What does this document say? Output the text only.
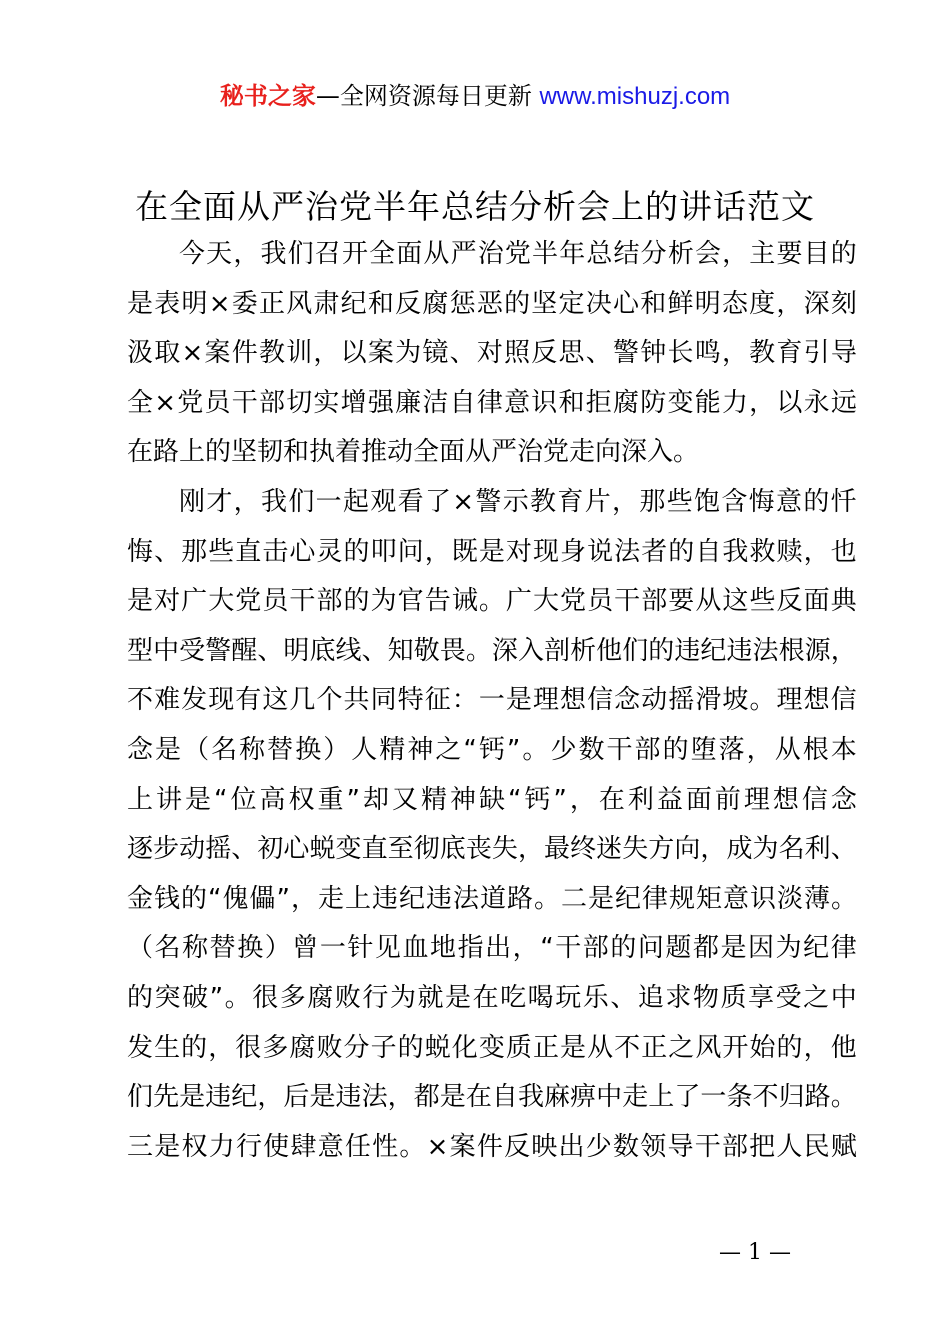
秘书之家—全网资源每日更新 www.mishuzj.com
在全面从严治党半年总结分析会上的讲话范文
今 天 ， 我 们 召 开 全 面 从 严 治 党 半 年 总 结 分 析 会 ， 主 要 目 的
是 表 明 × 委 正 风 肃 纪 和 反 腐 惩 恶 的 坚 定 决 心 和 鲜 明 态 度 ， 深 刻
汲 取 × 案 件 教 训 ， 以 案 为 镜 、 对 照 反 思 、 警 钟 长 鸣 ， 教 育 引 导
全 × 党 员 干 部 切 实 增 强 廉 洁 自 律 意 识 和 拒 腐 防 变 能 力 ， 以 永 远
在路上的坚韧和执着推动全面从严治党走向深入。
刚 才 ， 我 们 一 起 观 看 了 × 警 示 教 育 片 ， 那 些 饱 含 悔 意 的 忏
悔 、 那 些 直 击 心 灵 的 叩 问 ， 既 是 对 现 身 说 法 者 的 自 我 救 赎 ， 也
是 对 广 大 党 员 干 部 的 为 官 告 诫 。 广 大 党 员 干 部 要 从 这 些 反 面 典
型 中 受 警 醒 、 明 底 线 、 知 敬 畏 。 深 入 剖 析 他 们 的 违 纪 违 法 根 源 ，
不 难 发 现 有 这 几 个 共 同 特 征 ： 一 是 理 想 信 念 动 摇 滑 坡 。 理 想 信
念 是 （ 名 称 替 换 ） 人 精 神 之 “ 钙 ” 。 少 数 干 部 的 堕 落 ， 从 根 本
上 讲 是 “ 位 高 权 重 ” 却 又 精 神 缺 “ 钙 ” ， 在 利 益 面 前 理 想 信 念
逐 步 动 摇 、 初 心 蜕 变 直 至 彻 底 丧 失 ， 最 终 迷 失 方 向 ， 成 为 名 利 、
金 钱 的 “ 傀 儡 ” ， 走 上 违 纪 违 法 道 路 。 二 是 纪 律 规 矩 意 识 淡 薄 。
（ 名 称 替 换 ） 曾 一 针 见 血 地 指 出 ， “ 干 部 的 问 题 都 是 因 为 纪 律
的 突 破 ” 。 很 多 腐 败 行 为 就 是 在 吃 喝 玩 乐 、 追 求 物 质 享 受 之 中
发 生 的 ， 很 多 腐 败 分 子 的 蜕 化 变 质 正 是 从 不 正 之 风 开 始 的 ， 他
们 先 是 违 纪 ， 后 是 违 法 ， 都 是 在 自 我 麻 痹 中 走 上 了 一 条 不 归 路 。
三 是 权 力 行 使 肆 意 任 性 。 × 案 件 反 映 出 少 数 领 导 干 部 把 人 民 赋
— 1 —
